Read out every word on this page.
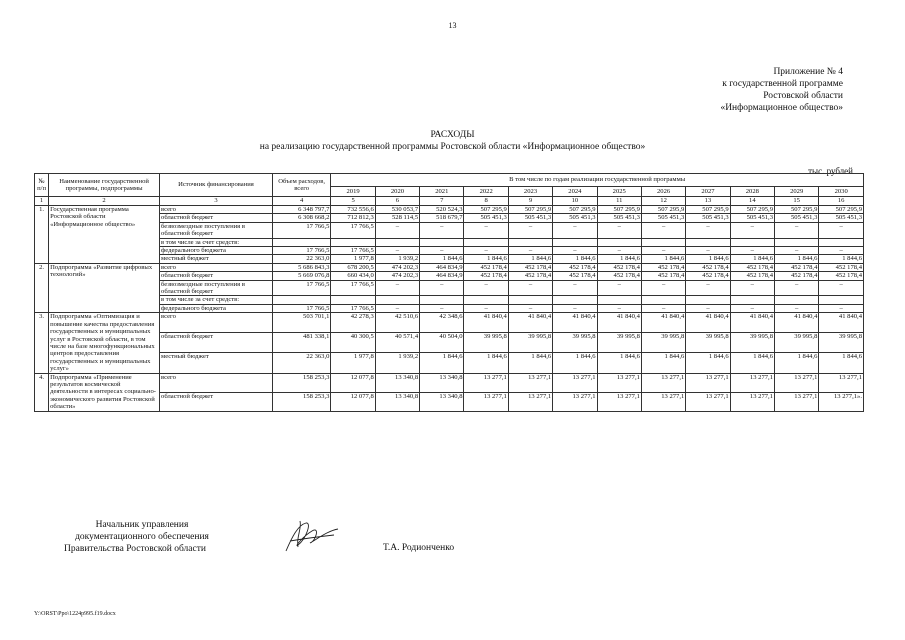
13
Приложение № 4
к государственной программе
Ростовской области
«Информационное общество»
РАСХОДЫ
на реализацию государственной программы Ростовской области «Информационное общество»
тыс. рублей
№ п/п	Наименование государственной программы, подпрограммы	Источник финансирования	Объем расходов, всего	В том числе по годам реализации государственной программы											
				2019	2020	2021	2022	2023	2024	2025	2026	2027	2028	2029	2030
1	2	3	4	5	6	7	8	9	10	11	12	13	14	15	16
1.	Государственная программа Ростовской области «Информационное общество»	всего	6 348 797,7	732 556,6	530 053,7	520 524,3	507 295,9	507 295,9	507 295,9	507 295,9	507 295,9	507 295,9	507 295,9	507 295,9	507 295,9
		областной бюджет	6 308 668,2	712 812,3	528 114,5	518 679,7	505 451,3	505 451,3	505 451,3	505 451,3	505 451,3	505 451,3	505 451,3	505 451,3	505 451,3
		безвозмездные поступления в областной бюджет	17 766,5	17 766,5	–	–	–	–	–	–	–	–	–	–	–
		в том числе за счет средств:													
		федерального бюджета	17 766,5	17 766,5	–	–	–	–	–	–	–	–	–	–	–
		местный бюджет	22 363,0	1 977,8	1 939,2	1 844,6	1 844,6	1 844,6	1 844,6	1 844,6	1 844,6	1 844,6	1 844,6	1 844,6	1 844,6
2.	Подпрограмма «Развитие цифровых технологий»	всего	5 686 843,3	678 200,5	474 202,3	464 834,9	452 178,4	452 178,4	452 178,4	452 178,4	452 178,4	452 178,4	452 178,4	452 178,4	452 178,4
		областной бюджет	5 669 076,8	660 434,0	474 202,3	464 834,9	452 178,4	452 178,4	452 178,4	452 178,4	452 178,4	452 178,4	452 178,4	452 178,4	452 178,4
		безвозмездные поступления в областной бюджет	17 766,5	17 766,5	–	–	–	–	–	–	–	–	–	–	–
		в том числе за счет средств:													
		федерального бюджета	17 766,5	17 766,5	–	–	–	–	–	–	–	–	–	–	–
3.	Подпрограмма «Оптимизация и повышение качества предоставления государственных и муниципальных услуг в Ростовской области, в том числе на базе многофункциональных центров предоставления государственных и муниципальных услуг»	всего	503 701,1	42 278,3	42 510,6	42 348,6	41 840,4	41 840,4	41 840,4	41 840,4	41 840,4	41 840,4	41 840,4	41 840,4	41 840,4
		областной бюджет	481 338,1	40 300,5	40 571,4	40 504,0	39 995,8	39 995,8	39 995,8	39 995,8	39 995,8	39 995,8	39 995,8	39 995,8	39 995,8
		местный бюджет	22 363,0	1 977,8	1 939,2	1 844,6	1 844,6	1 844,6	1 844,6	1 844,6	1 844,6	1 844,6	1 844,6	1 844,6	1 844,6
4.	Подпрограмма «Применение результатов космической деятельности в интересах социально-экономического развития Ростовской области»	всего	158 253,3	12 077,8	13 340,8	13 340,8	13 277,1	13 277,1	13 277,1	13 277,1	13 277,1	13 277,1	13 277,1	13 277,1	13 277,1
		областной бюджет	158 253,3	12 077,8	13 340,8	13 340,8	13 277,1	13 277,1	13 277,1	13 277,1	13 277,1	13 277,1	13 277,1	13 277,1	13 277,1».
Начальник управления
документационного обеспечения
Правительства Ростовской области	Т.А. Родионченко
Y:\ORST\Ppo\1224p995.f19.docx
